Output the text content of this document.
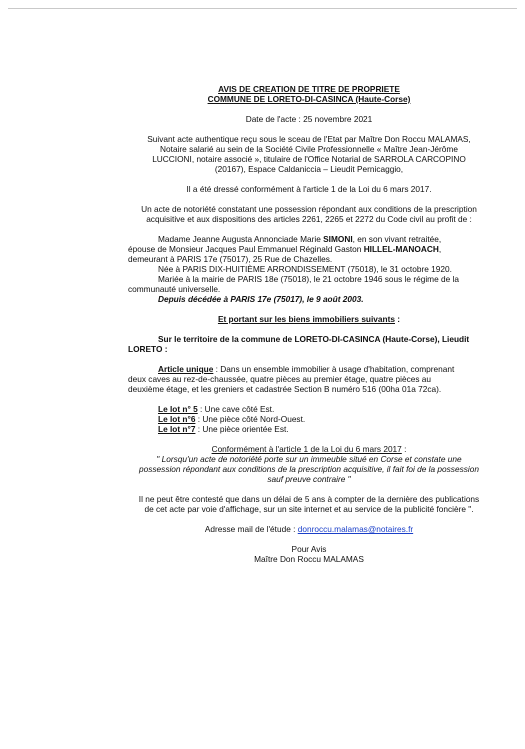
AVIS DE CREATION DE TITRE DE PROPRIETE

COMMUNE DE LORETO-DI-CASINCA (Haute-Corse)

Date de l'acte : 25 novembre 2021

Suivant acte authentique reçu sous le sceau de l'Etat par Maître Don Roccu MALAMAS,

Notaire salarié au sein de la Société Civile Professionnelle « Maître Jean-Jérôme

LUCCIONI, notaire associé », titulaire de l'Office Notarial de SARROLA CARCOPINO

(20167), Espace Caldaniccia – Lieudit Pernicaggio,

Il a été dressé conformément à l'article 1 de la Loi du 6 mars 2017.

Un acte de notoriété constatant une possession répondant aux conditions de la prescription

acquisitive et aux dispositions des articles 2261, 2265 et 2272 du Code civil au profit de :

Madame Jeanne Augusta Annonciade Marie SIMONI, en son vivant retraitée,

épouse de Monsieur Jacques Paul Emmanuel Réginald Gaston HILLEL-MANOACH,

demeurant à PARIS 17e (75017), 25 Rue de Chazelles.

Née à PARIS DIX-HUITIÈME ARRONDISSEMENT (75018), le 31 octobre 1920.

Mariée à la mairie de PARIS 18e (75018), le 21 octobre 1946 sous le régime de la

communauté universelle.

Depuis décédée à PARIS 17e (75017), le 9 août 2003.

Et portant sur les biens immobiliers suivants :

Sur le territoire de la commune de LORETO-DI-CASINCA (Haute-Corse), Lieudit

LORETO :

Article unique : Dans un ensemble immobilier à usage d'habitation, comprenant

deux caves au rez-de-chaussée, quatre pièces au premier étage, quatre pièces au

deuxième étage, et les greniers et cadastrée Section B numéro 516 (00ha 01a 72ca).

Le lot n° 5 : Une cave côté Est.

Le lot n°6 : Une pièce côté Nord-Ouest.

Le lot n°7 : Une pièce orientée Est.

Conformément à l'article 1 de la Loi du 6 mars 2017 :

" Lorsqu'un acte de notoriété porte sur un immeuble situé en Corse et constate une

possession répondant aux conditions de la prescription acquisitive, il fait foi de la possession

sauf preuve contraire "

Il ne peut être contesté que dans un délai de 5 ans à compter de la dernière des publications

de cet acte par voie d'affichage, sur un site internet et au service de la publicité foncière ".

Adresse mail de l'étude : donroccu.malamas@notaires.fr

Pour Avis

Maître Don Roccu MALAMAS
